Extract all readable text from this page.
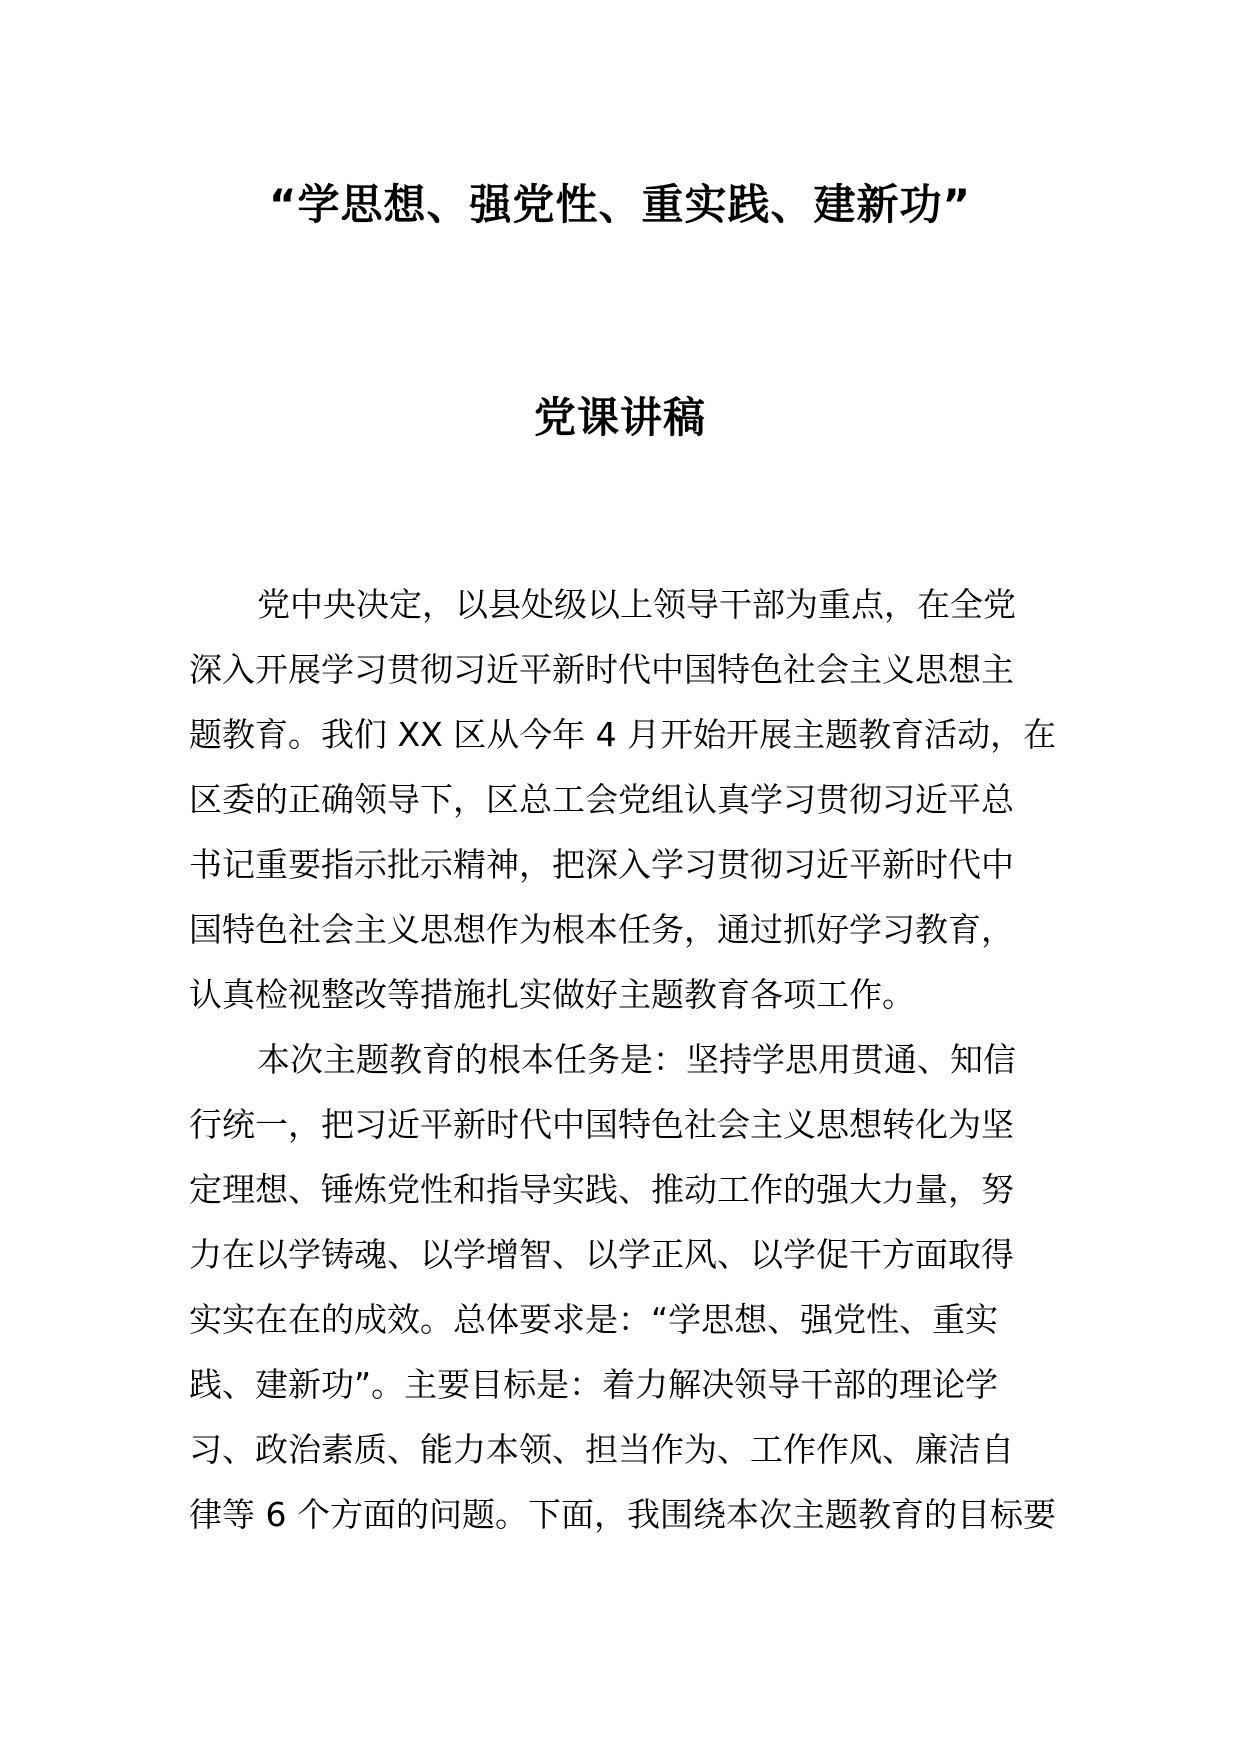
“学思想、强党性、重实践、建新功”
党课讲稿
党中央决定，以县处级以上领导干部为重点，在全党
深入开展学习贯彻习近平新时代中国特色社会主义思想主
题教育。我们 XX 区从今年 4 月开始开展主题教育活动，在
区委的正确领导下，区总工会党组认真学习贯彻习近平总
书记重要指示批示精神，把深入学习贯彻习近平新时代中
国特色社会主义思想作为根本任务，通过抓好学习教育，
认真检视整改等措施扎实做好主题教育各项工作。
本次主题教育的根本任务是：坚持学思用贯通、知信
行统一，把习近平新时代中国特色社会主义思想转化为坚
定理想、锤炼党性和指导实践、推动工作的强大力量，努
力在以学铸魂、以学增智、以学正风、以学促干方面取得
实实在在的成效。总体要求是：“学思想、强党性、重实
践、建新功”。主要目标是：着力解决领导干部的理论学
习、政治素质、能力本领、担当作为、工作作风、廉洁自
律等 6 个方面的问题。下面，我围绕本次主题教育的目标要
